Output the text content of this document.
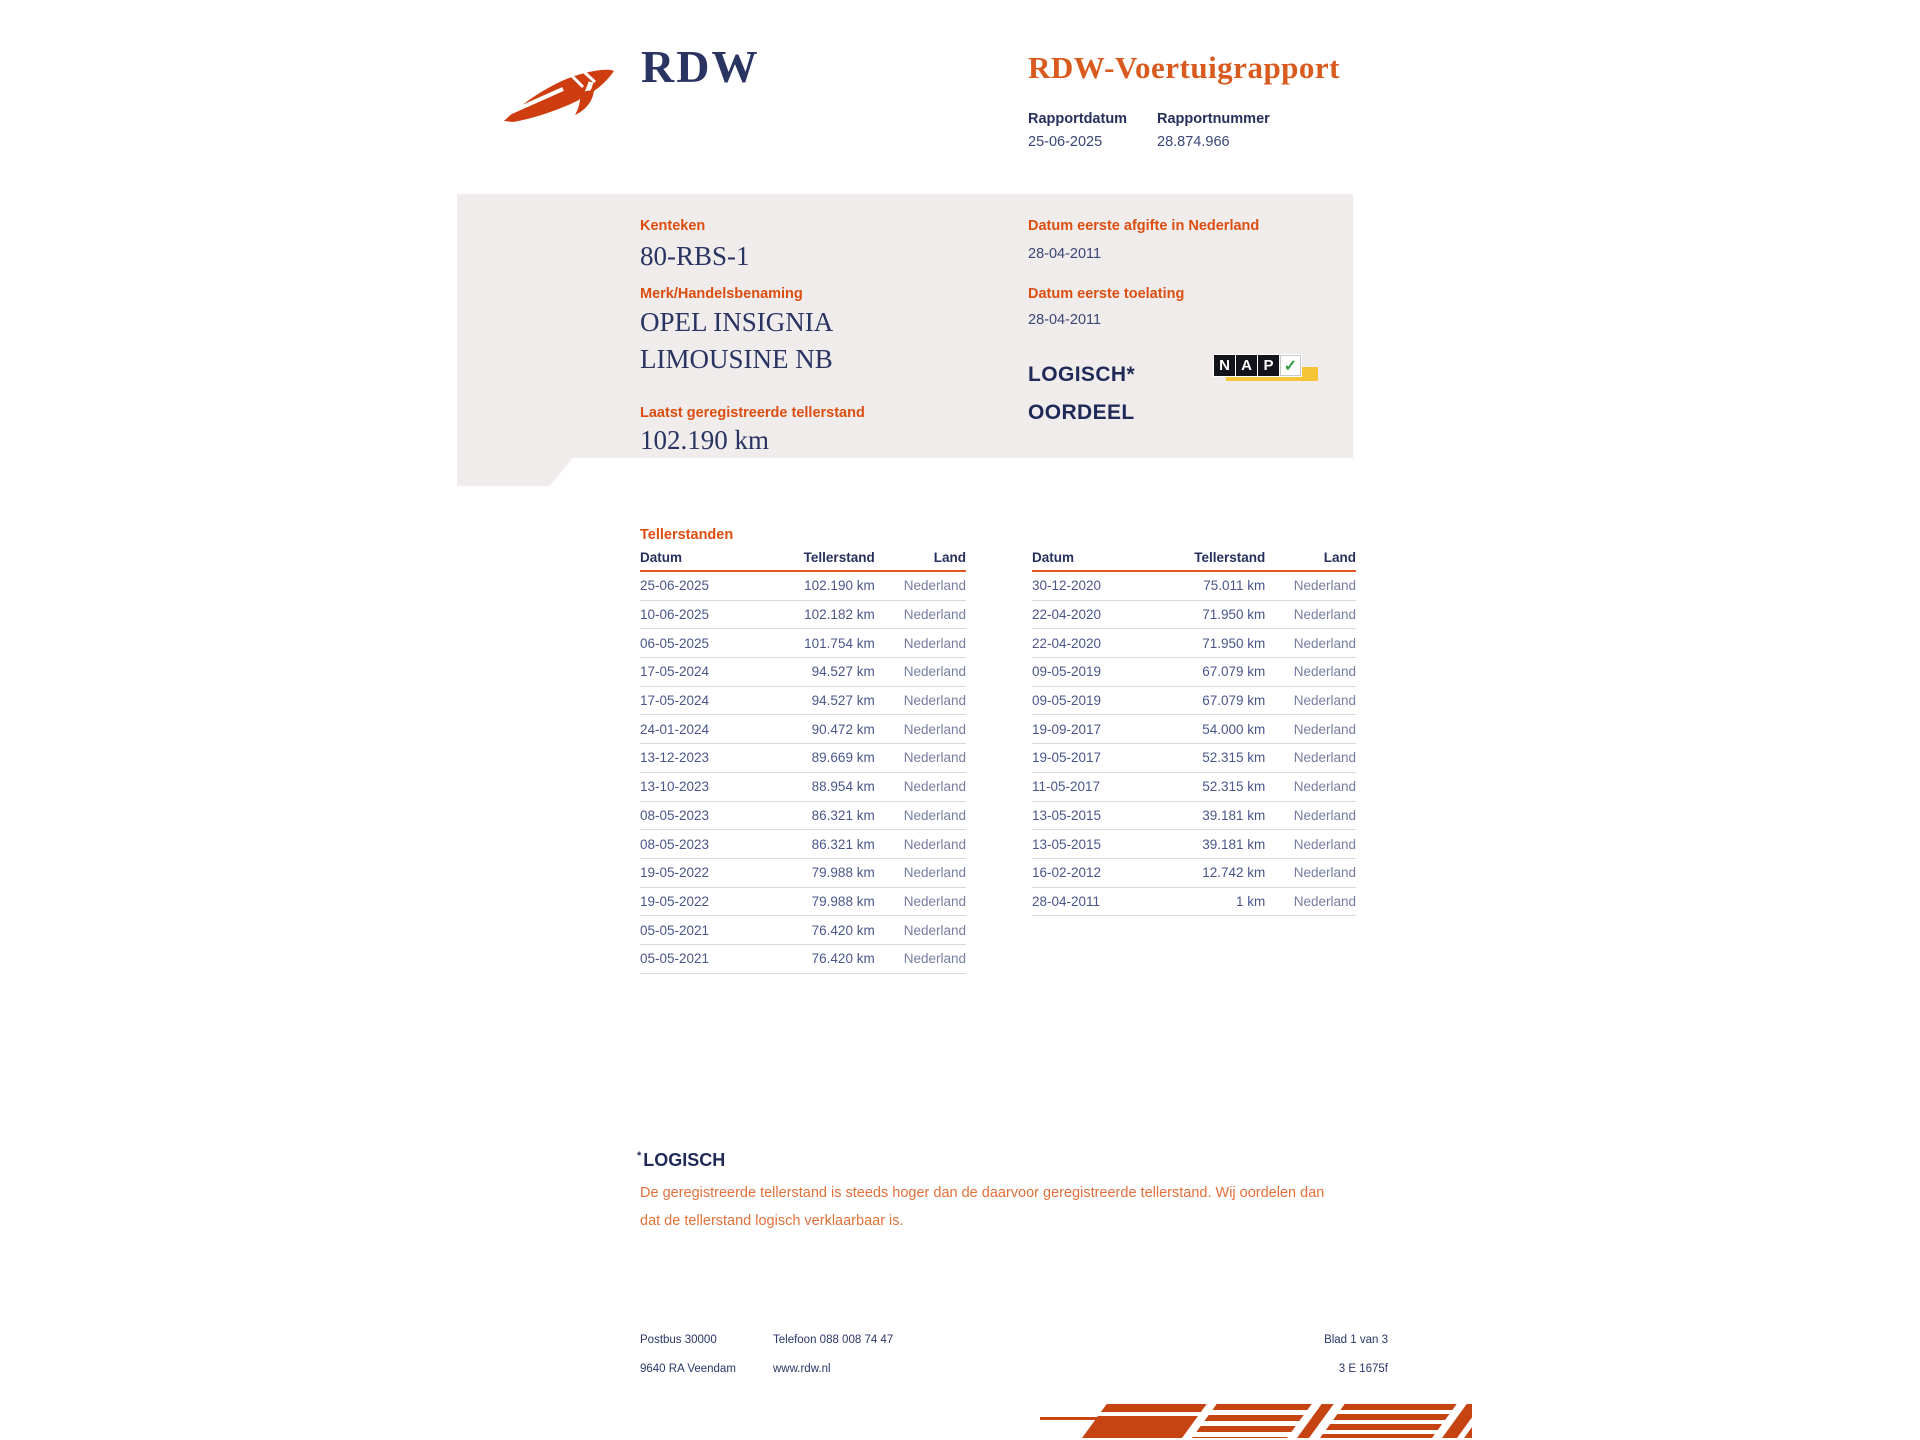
RDW	RDW-Voertuigrapport
Rapportdatum
25-06-2025
Rapportnummer
28.874.966
Kenteken
80-RBS-1
Merk/Handelsbenaming
OPEL INSIGNIA
LIMOUSINE NB
Laatst geregistreerde tellerstand
102.190 km
Datum eerste afgifte in Nederland
28-04-2011
Datum eerste toelating
28-04-2011
LOGISCH*
OORDEEL
N A P ✓
Tellerstanden
Datum	Tellerstand	Land
25-06-2025	102.190 km	Nederland
10-06-2025	102.182 km	Nederland
06-05-2025	101.754 km	Nederland
17-05-2024	94.527 km	Nederland
17-05-2024	94.527 km	Nederland
24-01-2024	90.472 km	Nederland
13-12-2023	89.669 km	Nederland
13-10-2023	88.954 km	Nederland
08-05-2023	86.321 km	Nederland
08-05-2023	86.321 km	Nederland
19-05-2022	79.988 km	Nederland
19-05-2022	79.988 km	Nederland
05-05-2021	76.420 km	Nederland
05-05-2021	76.420 km	Nederland
Datum	Tellerstand	Land
30-12-2020	75.011 km	Nederland
22-04-2020	71.950 km	Nederland
22-04-2020	71.950 km	Nederland
09-05-2019	67.079 km	Nederland
09-05-2019	67.079 km	Nederland
19-09-2017	54.000 km	Nederland
19-05-2017	52.315 km	Nederland
11-05-2017	52.315 km	Nederland
13-05-2015	39.181 km	Nederland
13-05-2015	39.181 km	Nederland
16-02-2012	12.742 km	Nederland
28-04-2011	1 km	Nederland
* LOGISCH
De geregistreerde tellerstand is steeds hoger dan de daarvoor geregistreerde tellerstand. Wij oordelen dan
dat de tellerstand logisch verklaarbaar is.
Postbus 30000
9640 RA Veendam
Telefoon 088 008 74 47
www.rdw.nl
Blad 1 van 3
3 E 1675f
